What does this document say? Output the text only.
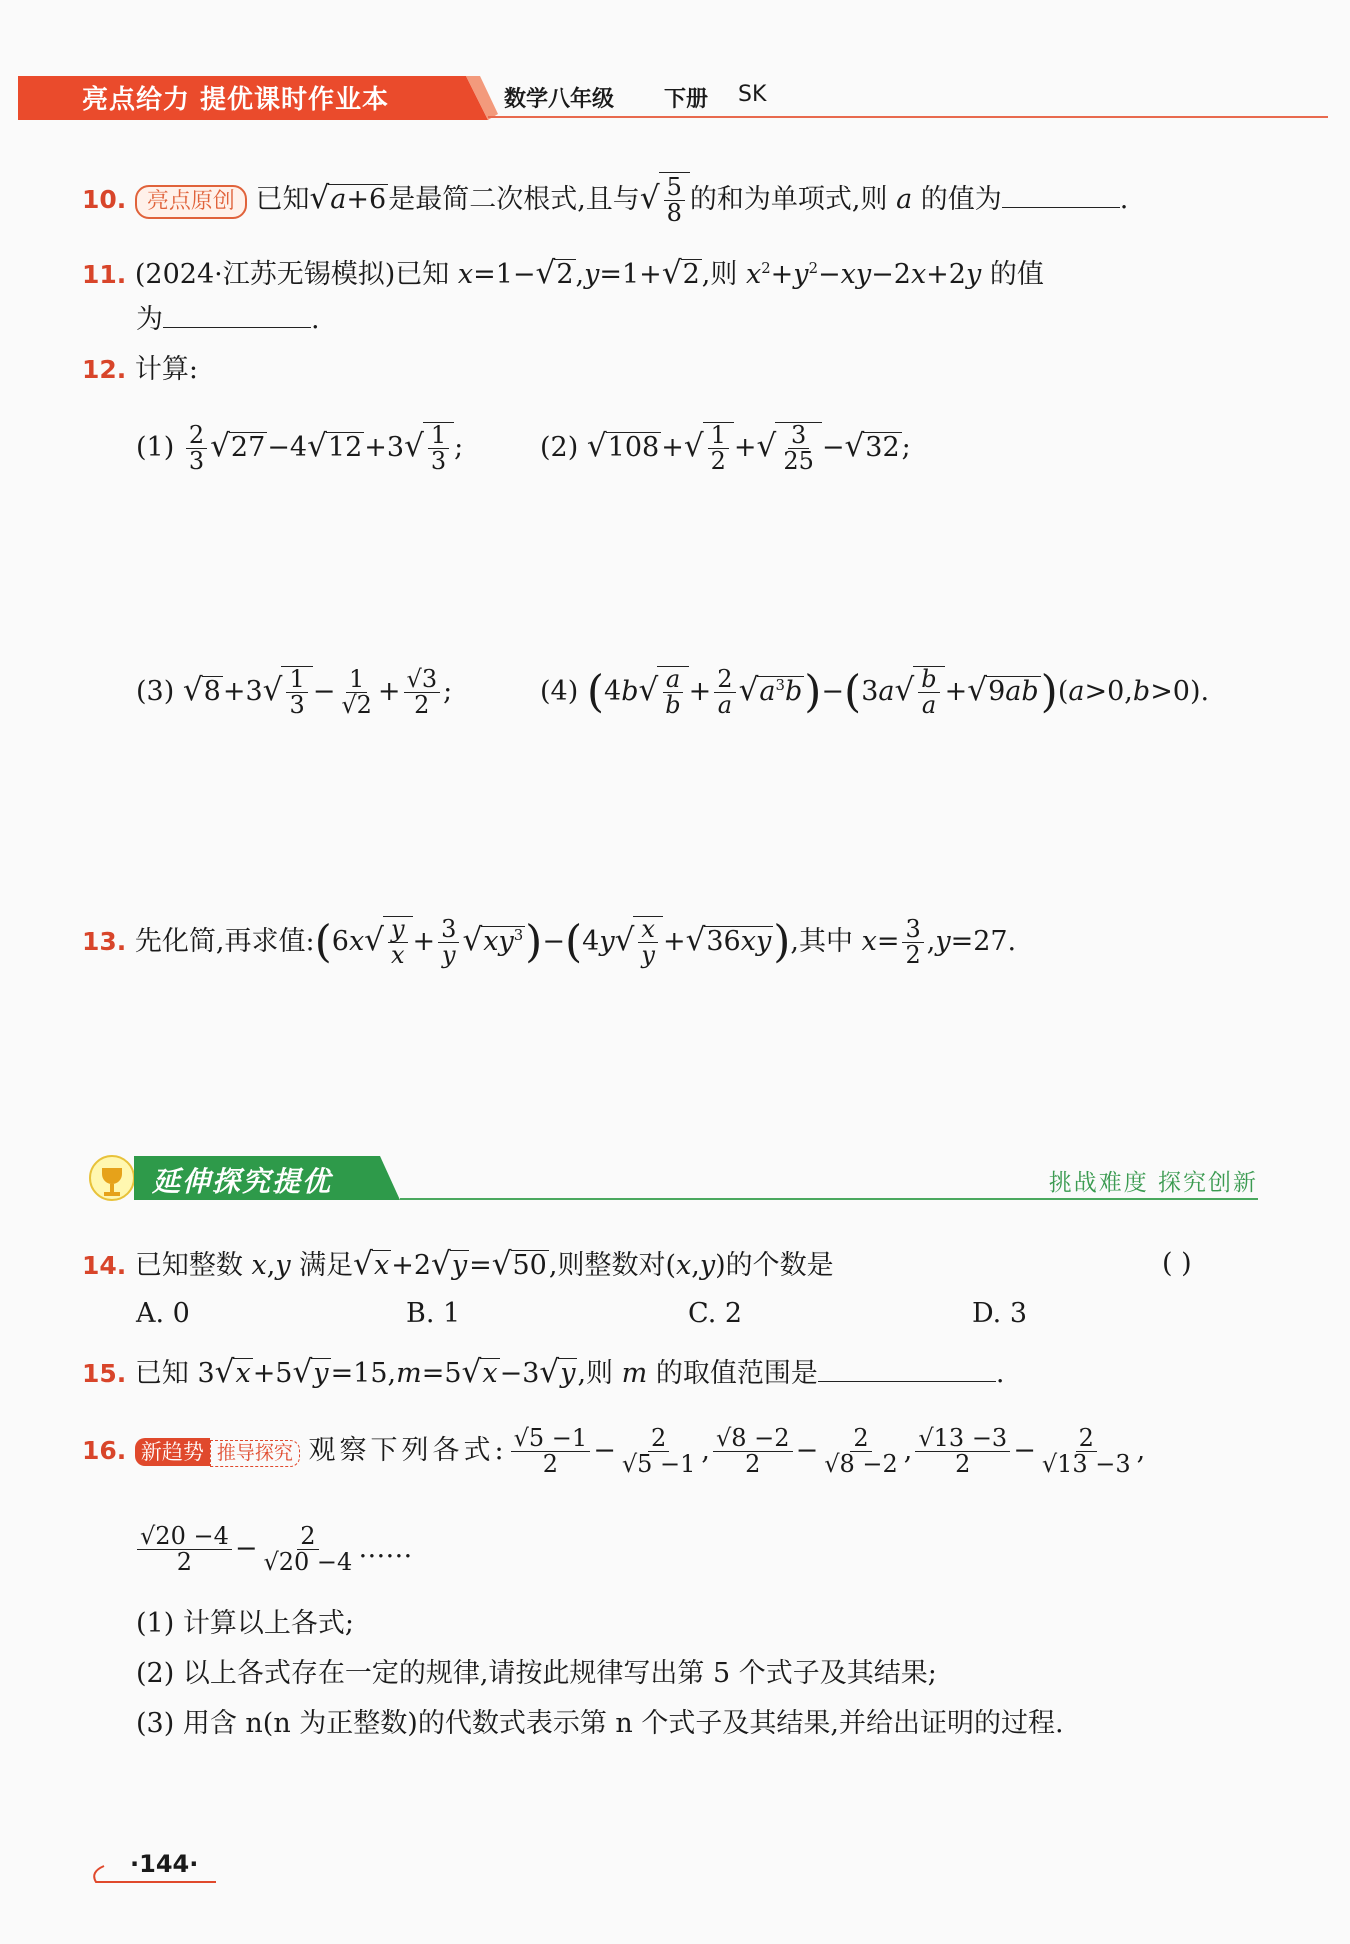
亮点给力 提优课时作业本	数学八年级 下册 SK
10. 亮点原创 已知√a+6是最简二次根式,且与√ $\frac{5}{8}$ 的和为单项式,则 a 的值为	.
11. (2024·江苏无锡模拟)已知 x=1−√2,y=1+√2,则 $x^2+y^2-xy-2x+2y$ 的值
为	.
12. 计算:
$(1) \frac{2}{3} √27-4√12+3√ \frac{1}{3}$ ;	(2) $√108+√ \frac{1}{2}$ +√ $\frac{3}{25} -√32$;
(3) $√8+3√ \frac{1}{3} - \frac{1}{√2} + \frac{√3}{2}$ ;	(4) $(4b√ \frac{a}{b} + \frac{2}{a} √a^3b)-(3a√ \frac{b}{a} +√9ab)(a>0,b>0)$.
13. 先化简,再求值:(6x√ $\frac{y}{x} + \frac{3}{y} √xy^3)-(4y√ \frac{x}{y} +√36xy)$,其中 $x= \frac{3}{2} ,y=27$.
延伸探究提优	挑战难度 探究创新
14. 已知整数 x,y 满足√x+2√y=√50,则整数对(x,y)的个数是	( )
A. 0	B. 1	C. 2	D. 3
15. 已知 3√x+5√y=15,m=5√x−3√y,则 m 的取值范围是	.
16. 新趋势 推导探究 观察下列各式: $\frac{√5 -1}{2} - \frac{2}{√5 -1}$ , $\frac{√8 -2}{2} - \frac{2}{√8 -2}$ , $\frac{√13 -3}{2} - \frac{2}{√13 -3}$ ,
$\frac{√20 -4}{2} - \frac{2}{√20 -4}$ ……
(1) 计算以上各式;
(2) 以上各式存在一定的规律,请按此规律写出第 5 个式子及其结果;
(3) 用含 n(n 为正整数)的代数式表示第 n 个式子及其结果,并给出证明的过程.
·144·
